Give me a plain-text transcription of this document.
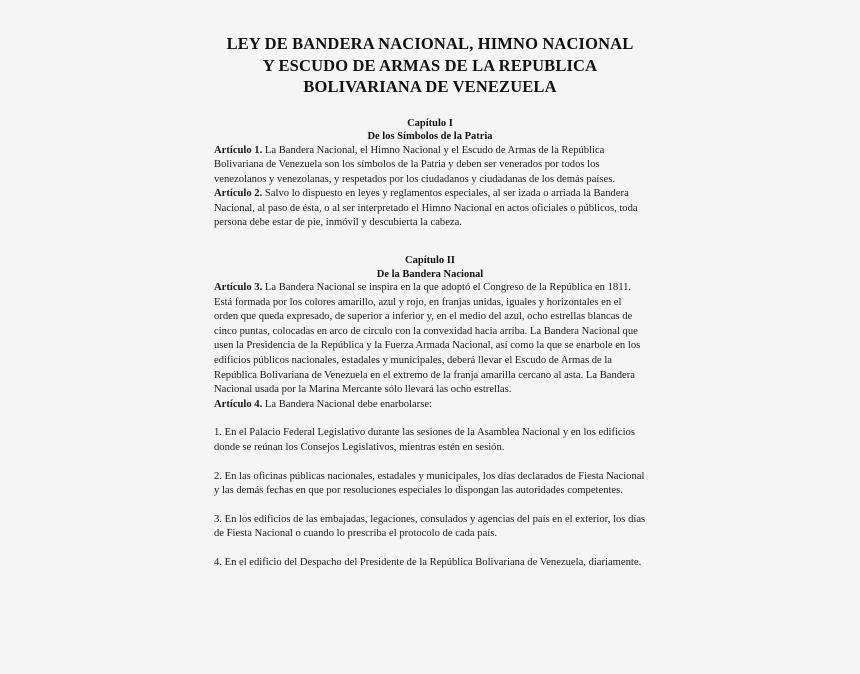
LEY DE BANDERA NACIONAL, HIMNO NACIONAL
Y ESCUDO DE ARMAS DE LA REPUBLICA
BOLIVARIANA DE VENEZUELA
Capítulo I
De los Símbolos de la Patria

Artículo 1. La Bandera Nacional, el Himno Nacional y el Escudo de Armas de la República Bolivariana de Venezuela son los símbolos de la Patria y deben ser venerados por todos los venezolanos y venezolanas, y respetados por los ciudadanos y ciudadanas de los demás países.

Artículo 2. Salvo lo dispuesto en leyes y reglamentos especiales, al ser izada o arriada la Bandera Nacional, al paso de ésta, o al ser interpretado el Himno Nacional en actos oficiales o públicos, toda persona debe estar de pie, inmóvil y descubierta la cabeza.

Capítulo II
De la Bandera Nacional

Artículo 3. La Bandera Nacional se inspira en la que adoptó el Congreso de la República en 1811. Está formada por los colores amarillo, azul y rojo, en franjas unidas, iguales y horizontales en el orden que queda expresado, de superior a inferior y, en el medio del azul, ocho estrellas blancas de cinco puntas, colocadas en arco de círculo con la convexidad hacia arriba. La Bandera Nacional que usen la Presidencia de la República y la Fuerza Armada Nacional, así como la que se enarbole en los edificios públicos nacionales, estadales y municipales, deberá llevar el Escudo de Armas de la República Bolivariana de Venezuela en el extremo de la franja amarilla cercano al asta. La Bandera Nacional usada por la Marina Mercante sólo llevará las ocho estrellas.

Artículo 4. La Bandera Nacional debe enarbolarse:

1. En el Palacio Federal Legislativo durante las sesiones de la Asamblea Nacional y en los edificios donde se reúnan los Consejos Legislativos, mientras estén en sesión.

2. En las oficinas públicas nacionales, estadales y municipales, los días declarados de Fiesta Nacional y las demás fechas en que por resoluciones especiales lo dispongan las autoridades competentes.

3. En los edificios de las embajadas, legaciones, consulados y agencias del país en el exterior, los días de Fiesta Nacional o cuando lo prescriba el protocolo de cada país.

4. En el edificio del Despacho del Presidente de la República Bolivariana de Venezuela, diariamente.
